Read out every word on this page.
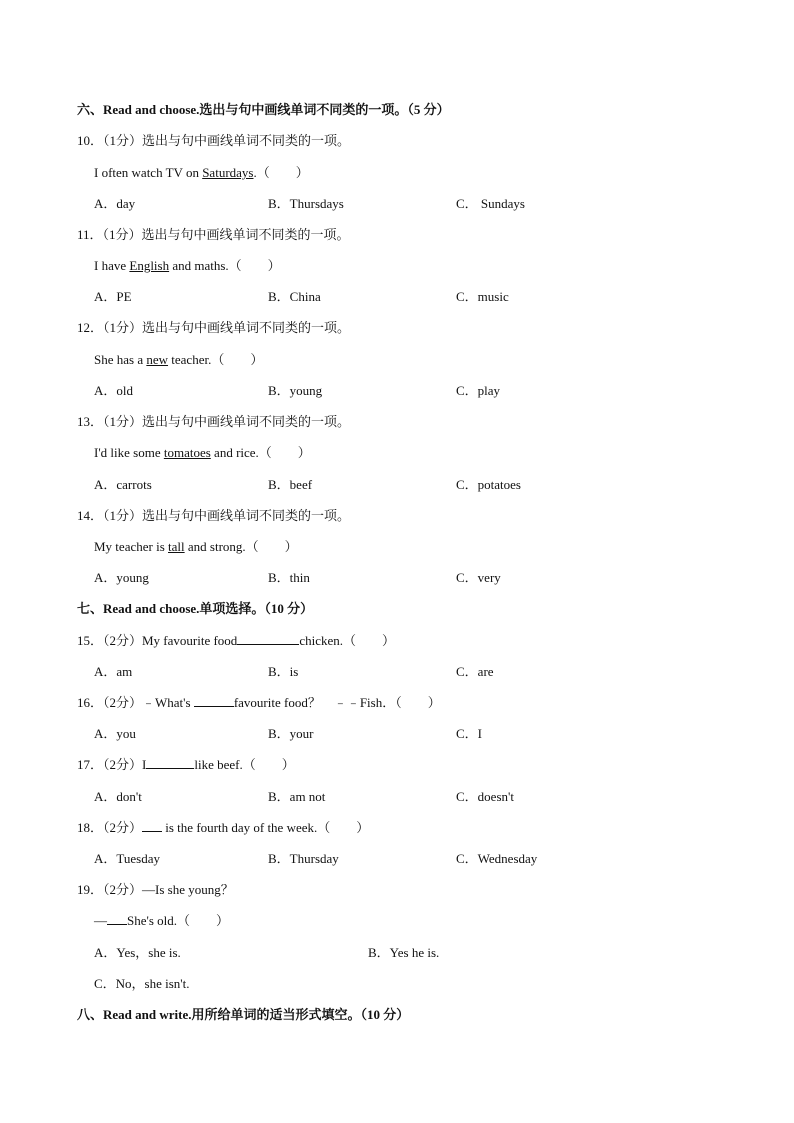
六、Read and choose.选出与句中画线单词不同类的一项。（5 分）
10．（1分）选出与句中画线单词不同类的一项。
I often watch TV on Saturdays.（　　）
A．day	B．Thursdays	C． Sundays
11．（1分）选出与句中画线单词不同类的一项。
I have English and maths.（　　）
A．PE	B．China	C．music
12．（1分）选出与句中画线单词不同类的一项。
She has a new teacher.（　　）
A．old	B．young	C．play
13．（1分）选出与句中画线单词不同类的一项。
I'd like some tomatoes and rice.（　　）
A．carrots	B．beef	C．potatoes
14．（1分）选出与句中画线单词不同类的一项。
My teacher is tall and strong.（　　）
A．young	B．thin	C．very
七、Read and choose.单项选择。（10 分）
15．（2分）My favourite food	chicken.（　　）
A．am	B．is	C．are
16．（2分）﹣What's	favourite food？　﹣﹣Fish．（　　）
A．you	B．your	C．I
17．（2分）I	like beef.（　　）
A．don't	B．am not	C．doesn't
18．（2分） is the fourth day of the week.（　　）
A．Tuesday	B．Thursday	C．Wednesday
19．（2分）—Is she young？
— She's old.（　　）
A．Yes，she is.	B．Yes he is.
C．No，she isn't.
八、Read and write.用所给单词的适当形式填空。（10 分）
